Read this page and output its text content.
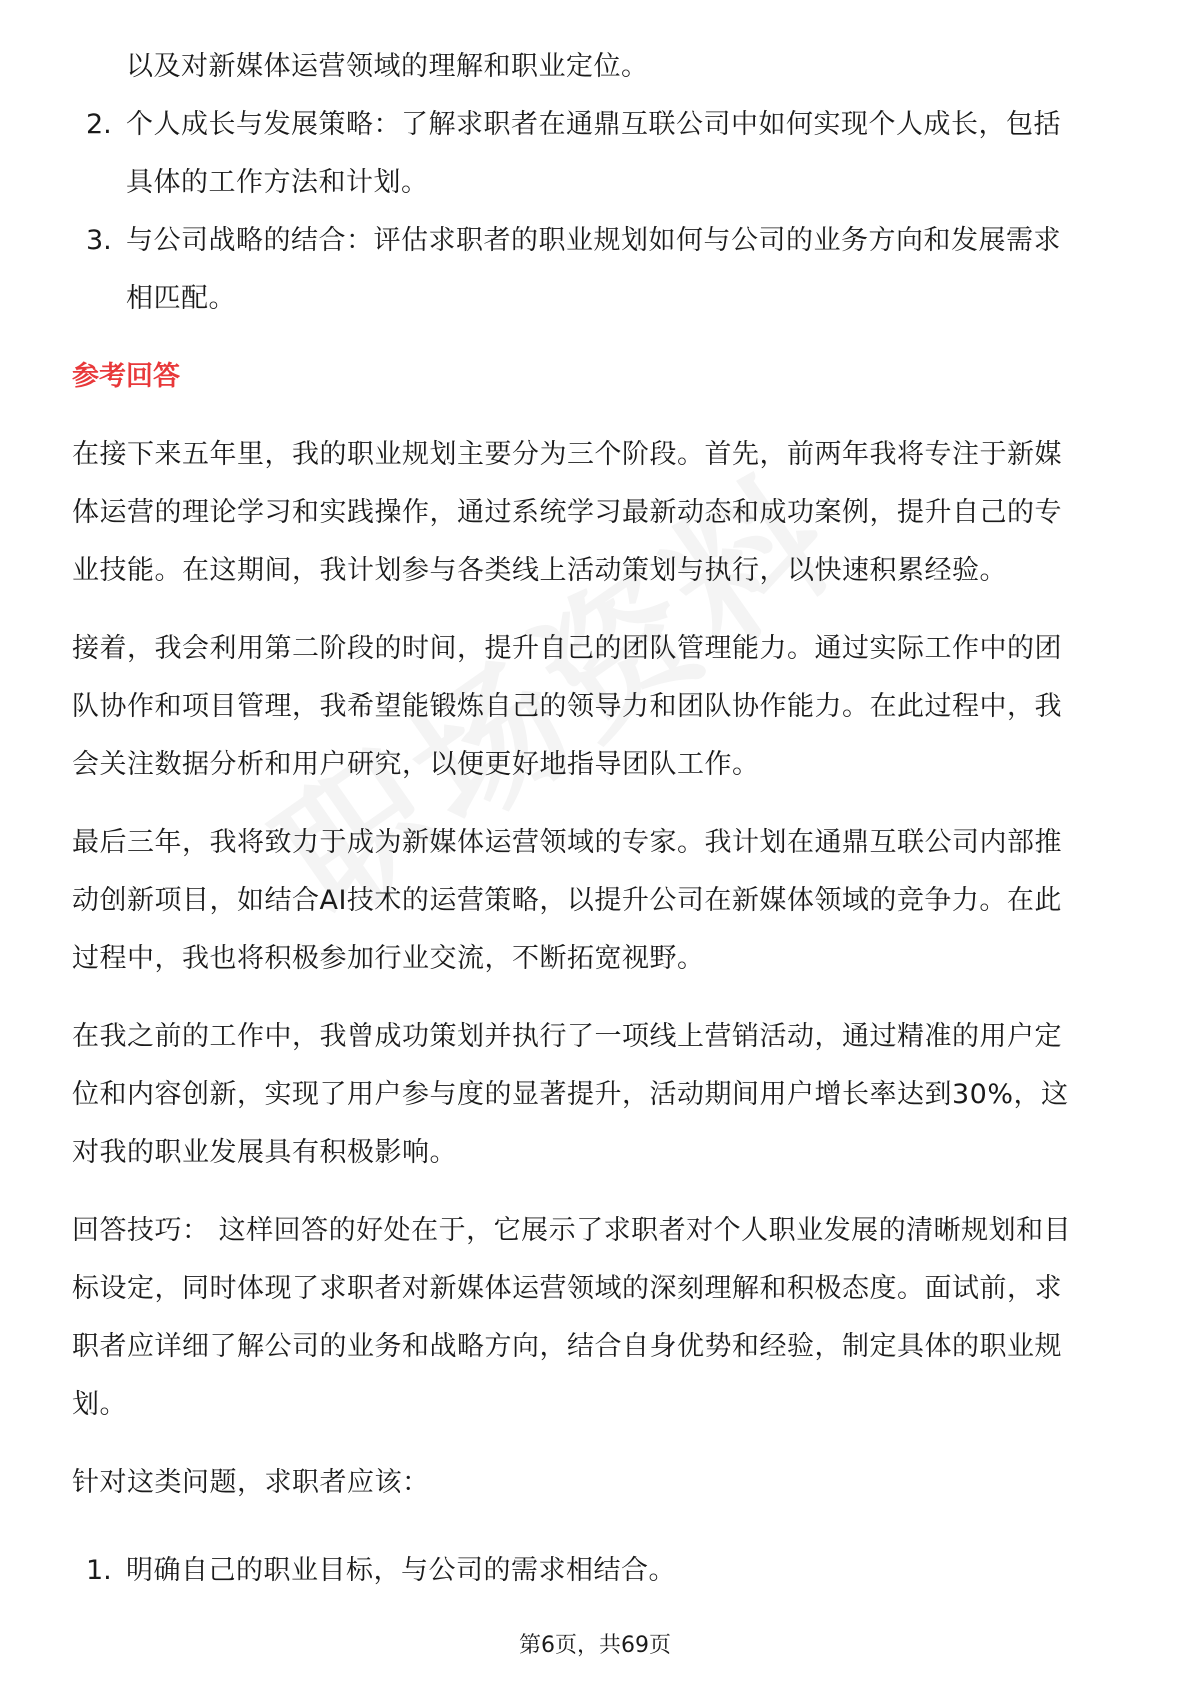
以及对新媒体运营领域的理解和职业定位。
2. 个人成长与发展策略：了解求职者在通鼎互联公司中如何实现个人成长，包括
具体的工作方法和计划。
3. 与公司战略的结合：评估求职者的职业规划如何与公司的业务方向和发展需求
相匹配。
参考回答
在接下来五年里，我的职业规划主要分为三个阶段。首先，前两年我将专注于新媒
体运营的理论学习和实践操作，通过系统学习最新动态和成功案例，提升自己的专
业技能。在这期间，我计划参与各类线上活动策划与执行，以快速积累经验。
接着，我会利用第二阶段的时间，提升自己的团队管理能力。通过实际工作中的团
队协作和项目管理，我希望能锻炼自己的领导力和团队协作能力。在此过程中，我
会关注数据分析和用户研究，以便更好地指导团队工作。
最后三年，我将致力于成为新媒体运营领域的专家。我计划在通鼎互联公司内部推
动创新项目，如结合AI技术的运营策略，以提升公司在新媒体领域的竞争力。在此
过程中，我也将积极参加行业交流，不断拓宽视野。
在我之前的工作中，我曾成功策划并执行了一项线上营销活动，通过精准的用户定
位和内容创新，实现了用户参与度的显著提升，活动期间用户增长率达到30%，这
对我的职业发展具有积极影响。
回答技巧： 这样回答的好处在于，它展示了求职者对个人职业发展的清晰规划和目
标设定，同时体现了求职者对新媒体运营领域的深刻理解和积极态度。面试前，求
职者应详细了解公司的业务和战略方向，结合自身优势和经验，制定具体的职业规
划。
针对这类问题，求职者应该：
1. 明确自己的职业目标，与公司的需求相结合。
第6页，共69页
